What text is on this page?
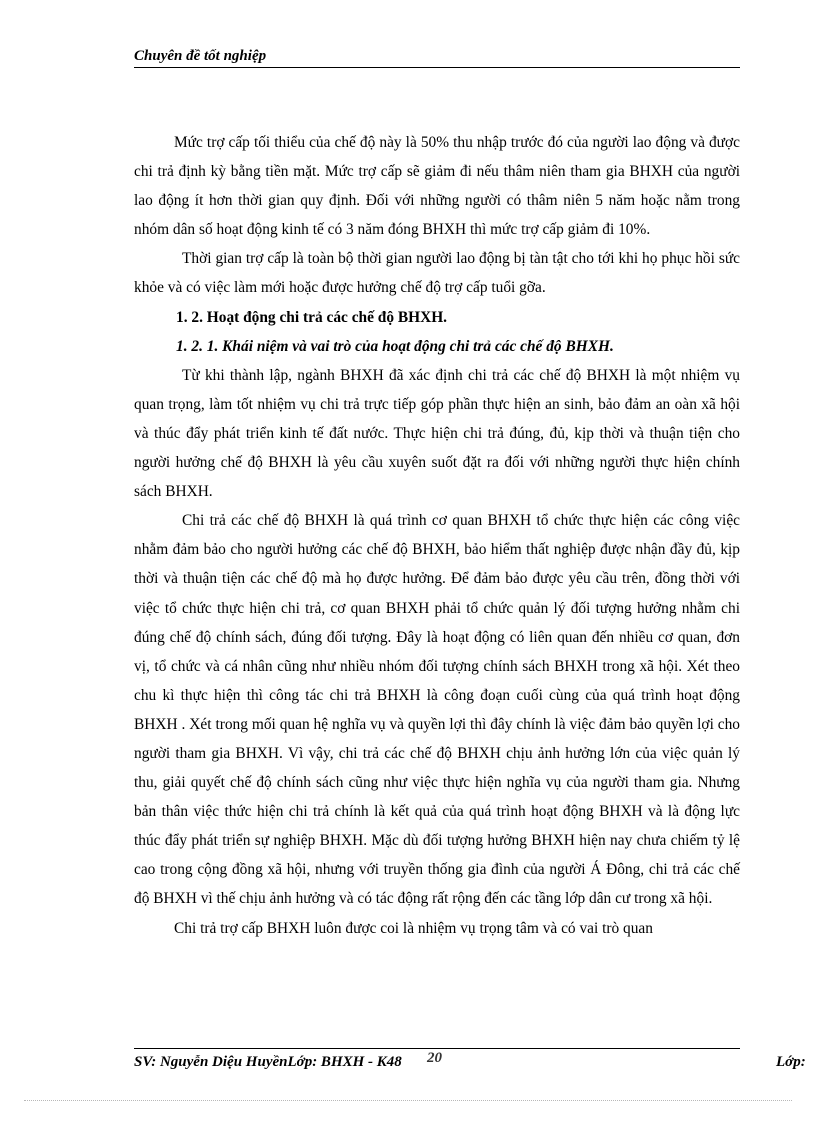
Chuyên đề tốt nghiệp

Mức trợ cấp tối thiểu của chế độ này là 50% thu nhập trước đó của người lao động và được chi trả định kỳ bằng tiền mặt. Mức trợ cấp sẽ giảm đi nếu thâm niên tham gia BHXH của người lao động ít hơn thời gian quy định. Đối với những người có thâm niên 5 năm hoặc nằm trong nhóm dân số hoạt động kinh tế có 3 năm đóng BHXH thì mức trợ cấp giảm đi 10%.

Thời gian trợ cấp là toàn bộ thời gian người lao động bị tàn tật cho tới khi họ phục hồi sức khỏe và có việc làm mới hoặc được hưởng chế độ trợ cấp tuổi gỡa.

1. 2. Hoạt động chi trả các chế độ BHXH.
1. 2. 1. Khái niệm và vai trò của hoạt động chi trả các chế độ BHXH.

Từ khi thành lập, ngành BHXH đã xác định chi trả các chế độ BHXH là một nhiệm vụ quan trọng, làm tốt nhiệm vụ chi trả trực tiếp góp phần thực hiện an sinh, bảo đảm an oàn xã hội và thúc đẩy phát triển kinh tế đất nước. Thực hiện chi trả đúng, đủ, kịp thời và thuận tiện cho người hưởng chế độ BHXH là yêu cầu xuyên suốt đặt ra đối với những người thực hiện chính sách BHXH.

Chi trả các chế độ BHXH là quá trình cơ quan BHXH tổ chức thực hiện các công việc nhằm đảm bảo cho người hưởng các chế độ BHXH, bảo hiểm thất nghiệp được nhận đầy đủ, kịp thời và thuận tiện các chế độ mà họ được hưởng. Để đảm bảo được yêu cầu trên, đồng thời với việc tổ chức thực hiện chi trả, cơ quan BHXH phải tổ chức quản lý đối tượng hưởng nhằm chi đúng chế độ chính sách, đúng đối tượng. Đây là hoạt động có liên quan đến nhiều cơ quan, đơn vị, tổ chức và cá nhân cũng như nhiều nhóm đối tượng chính sách BHXH trong xã hội. Xét theo chu kì thực hiện thì công tác chi trả BHXH là công đoạn cuối cùng của quá trình hoạt động BHXH . Xét trong mối quan hệ nghĩa vụ và quyền lợi thì đây chính là việc đảm bảo quyền lợi cho người tham gia BHXH. Vì vậy, chi trả các chế độ BHXH chịu ảnh hưởng lớn của việc quản lý thu, giải quyết chế độ chính sách cũng như việc thực hiện nghĩa vụ của người tham gia. Nhưng bản thân việc thức hiện chi trả chính là kết quả của quá trình hoạt động BHXH và là động lực thúc đẩy phát triển sự nghiệp BHXH. Mặc dù đối tượng hưởng BHXH hiện nay chưa chiếm tỷ lệ cao trong cộng đồng xã hội, nhưng với truyền thống gia đình của người Á Đông, chi trả các chế độ BHXH vì thế chịu ảnh hưởng và có tác động rất rộng đến các tầng lớp dân cư trong xã hội.

Chi trả trợ cấp BHXH luôn được coi là nhiệm vụ trọng tâm và có vai trò quan

SV: Nguyễn Diệu HuyềnLớp: BHXH - K48 20	Lớp:
